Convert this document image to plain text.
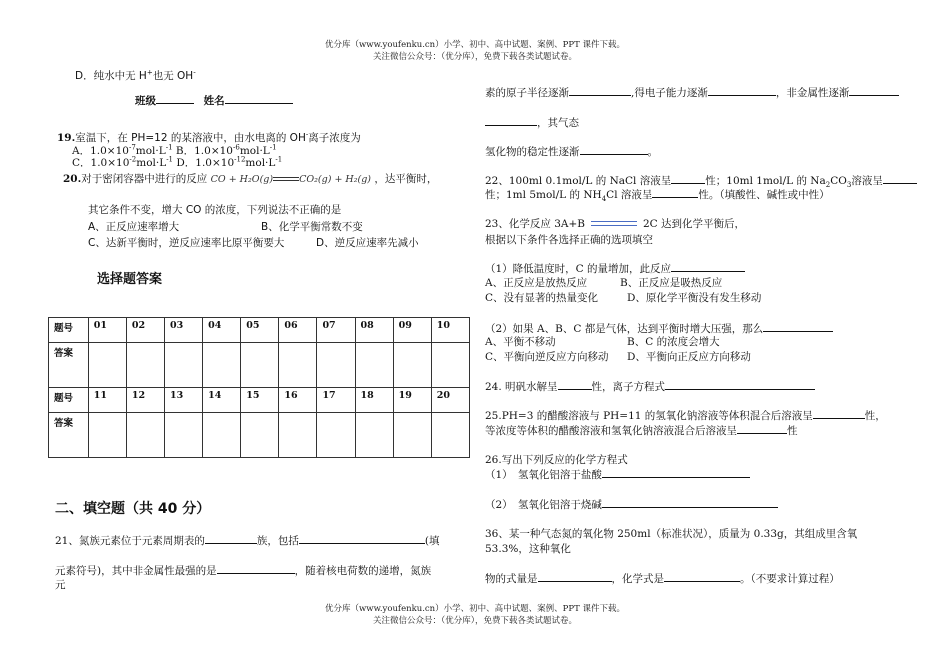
优分库（www.youfenku.cn）小学、初中、高中试题、案例、PPT 课件下载。
关注微信公众号：（优分库），免费下载各类试题试卷。
D．纯水中无 H+也无 OH-
班级	姓名
19.室温下，在 PH=12 的某溶液中，由水电离的 OH-离子浓度为
A．$1.0\times 10^{-7}mol\cdot L^{-1}$ B．$1.0\times 10^{-6}mol\cdot L^{-1}$
C．$1.0\times 10^{-2}mol\cdot L^{-1}$ D．$1.0\times 10^{-12}mol\cdot L^{-1}$
20.对于密闭容器中进行的反应 CO + H₂O(g)	CO₂(g) + H₂(g) ，达平衡时，
其它条件不变，增大 CO 的浓度，下列说法不正确的是
A、正反应速率增大	B、化学平衡常数不变
C、达新平衡时，逆反应速率比原平衡要大	D、逆反应速率先减小
选择题答案
题号	01	02	03	04	05	06	07	08	09	10
答案										
题号	11	12	13	14	15	16	17	18	19	20
答案										
二、填空题（共 40 分）
21、氮族元素位于元素周期表的	族，包括	(填
元素符号)，其中非金属性最强的是	，随着核电荷数的递增，氮族
元
素的原子半径逐渐	,得电子能力逐渐	，非金属性逐渐
，其气态
氢化物的稳定性逐渐	。
22、100ml 0.1mol/L 的 NaCl 溶液呈	性；10ml 1mol/L 的 $Na_2CO_3$溶液呈
性；1ml 5mol/L 的 $NH_4Cl$ 溶液呈	性。（填酸性、碱性或中性）
23、化学反应 3A+B	2C 达到化学平衡后，
根据以下条件各选择正确的选项填空
（1）降低温度时，C 的量增加，此反应
A、正反应是放热反应	B、正反应是吸热反应
C、没有显著的热量变化	D、原化学平衡没有发生移动
（2）如果 A、B、C 都是气体，达到平衡时增大压强，那么
A、平衡不移动	B、C 的浓度会增大
C、平衡向逆反应方向移动 D、平衡向正反应方向移动
24. 明矾水解呈	性，离子方程式
25.PH=3 的醋酸溶液与 PH=11 的氢氧化钠溶液等体积混合后溶液呈	性，
等浓度等体积的醋酸溶液和氢氧化钠溶液混合后溶液呈	性
26.写出下列反应的化学方程式
（1）　氢氧化铝溶于盐酸
（2）　氢氧化铝溶于烧碱
36、某一种气态氮的氧化物 250ml（标准状况），质量为 0.33g，其组成里含氧
53.3%，这种氧化
物的式量是	，化学式是	。（不要求计算过程）
优分库（www.youfenku.cn）小学、初中、高中试题、案例、PPT 课件下载。
关注微信公众号：（优分库），免费下载各类试题试卷。
